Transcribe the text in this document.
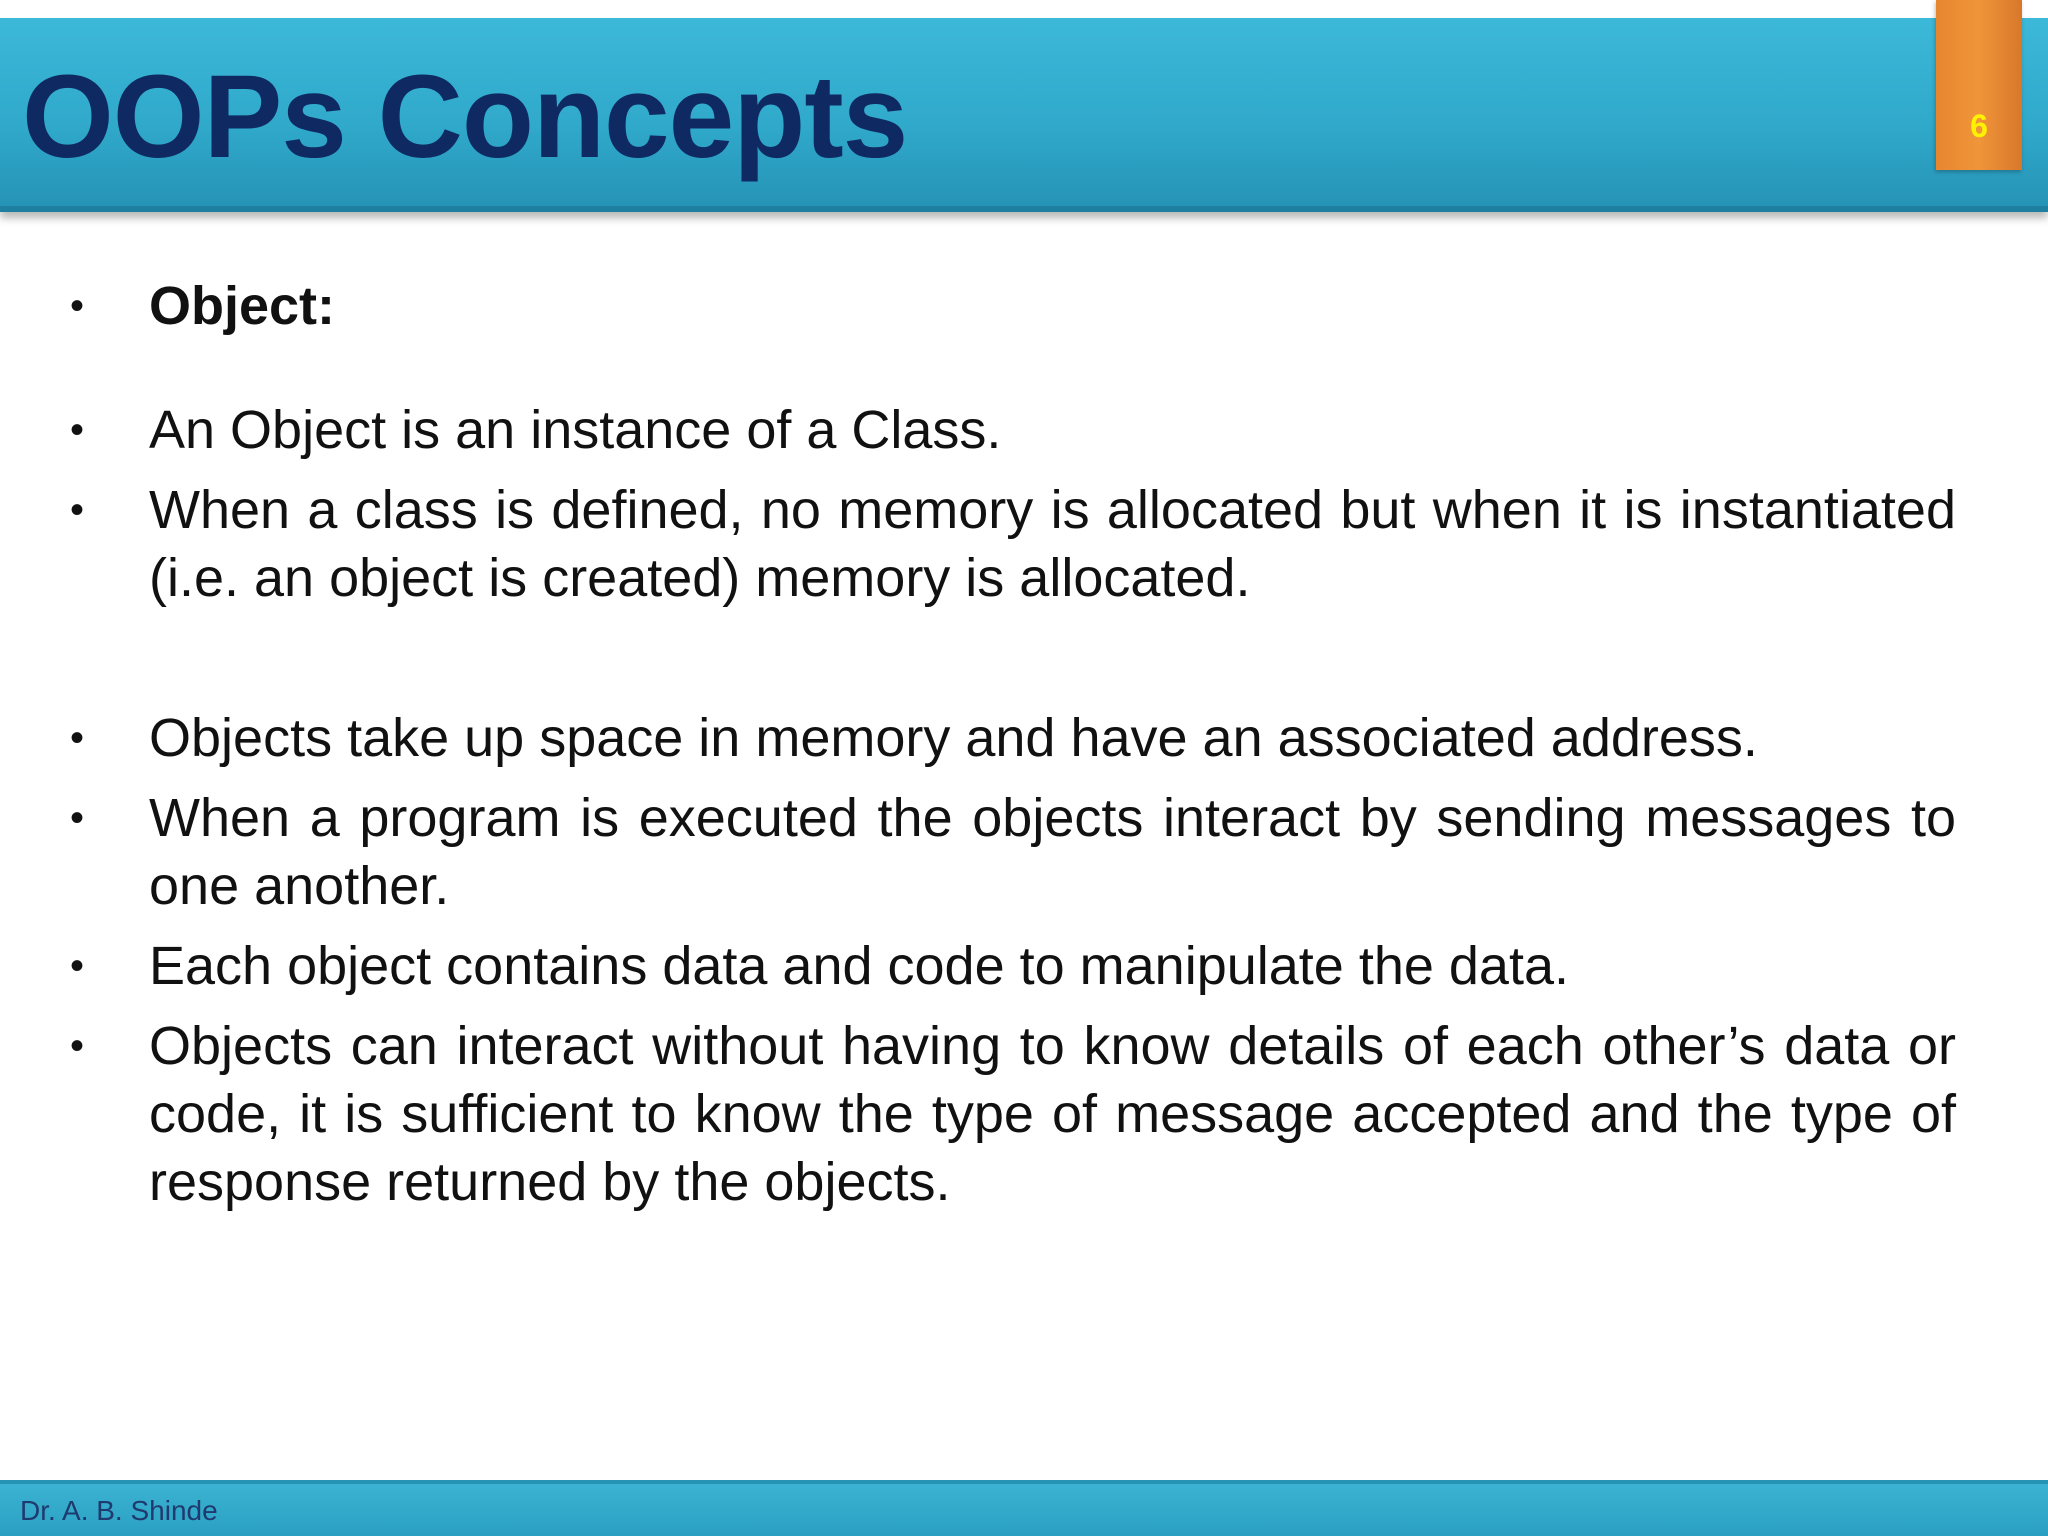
OOPs Concepts	6
• Object:

• An Object is an instance of a Class.

• When a class is defined, no memory is allocated but when it is instantiated (i.e. an object is created) memory is allocated.

• Objects take up space in memory and have an associated address.

• When a program is executed the objects interact by sending messages to one another.

• Each object contains data and code to manipulate the data.

• Objects can interact without having to know details of each other’s data or code, it is sufficient to know the type of message accepted and the type of response returned by the objects.

Dr. A. B. Shinde
